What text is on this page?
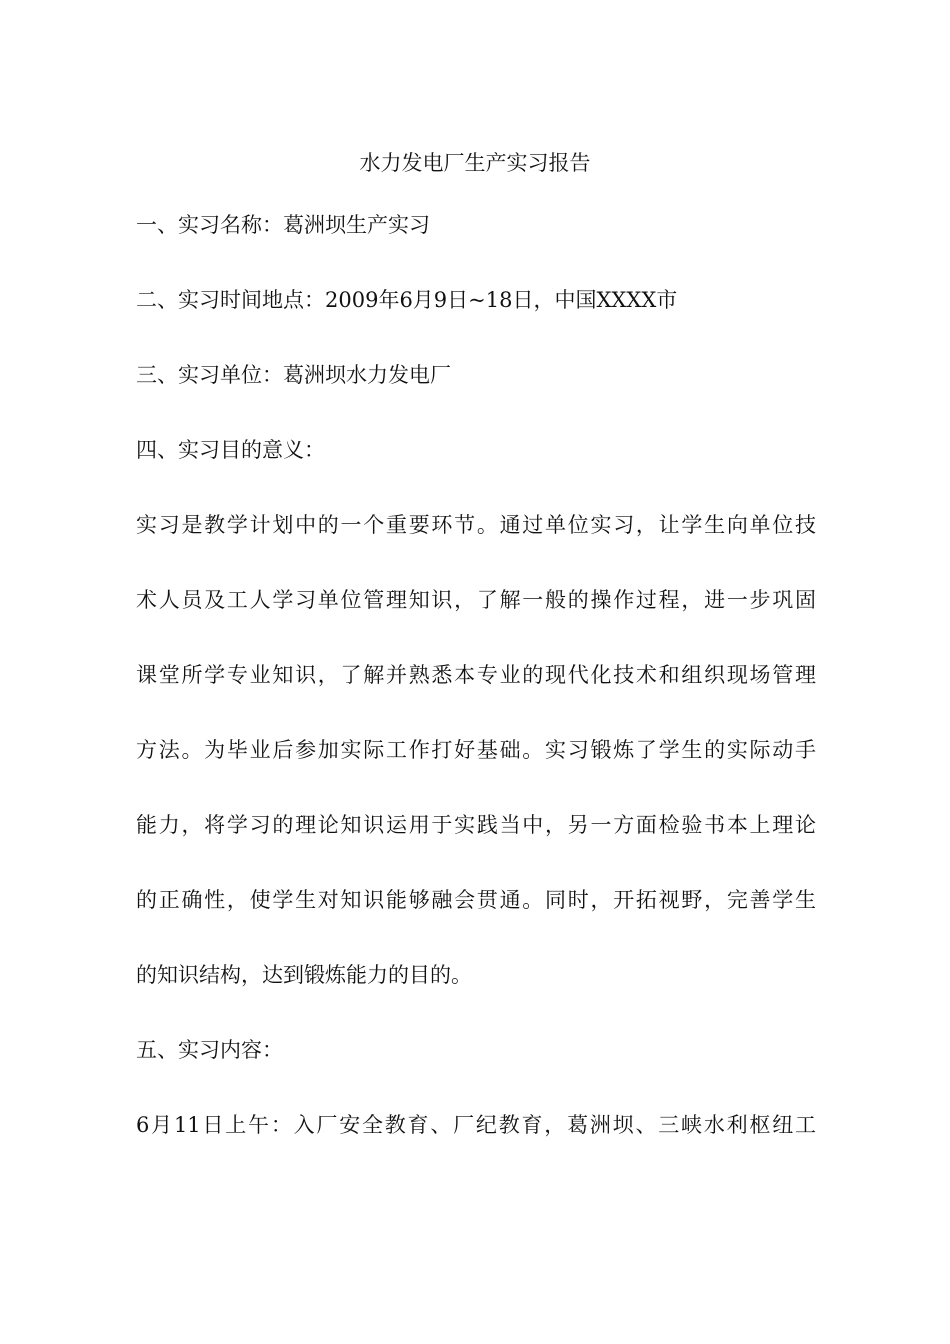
水力发电厂生产实习报告
一、实习名称：葛洲坝生产实习
二、实习时间地点：2009年6月9日~18日，中国XXXX市
三、实习单位：葛洲坝水力发电厂
四、实习目的意义：
实习是教学计划中的一个重要环节。通过单位实习，让学生向单位技
术人员及工人学习单位管理知识，了解一般的操作过程，进一步巩固
课堂所学专业知识，了解并熟悉本专业的现代化技术和组织现场管理
方法。为毕业后参加实际工作打好基础。实习锻炼了学生的实际动手
能力，将学习的理论知识运用于实践当中，另一方面检验书本上理论
的正确性，使学生对知识能够融会贯通。同时，开拓视野，完善学生
的知识结构，达到锻炼能力的目的。
五、实习内容：
6月11日上午：入厂安全教育、厂纪教育，葛洲坝、三峡水利枢纽工
